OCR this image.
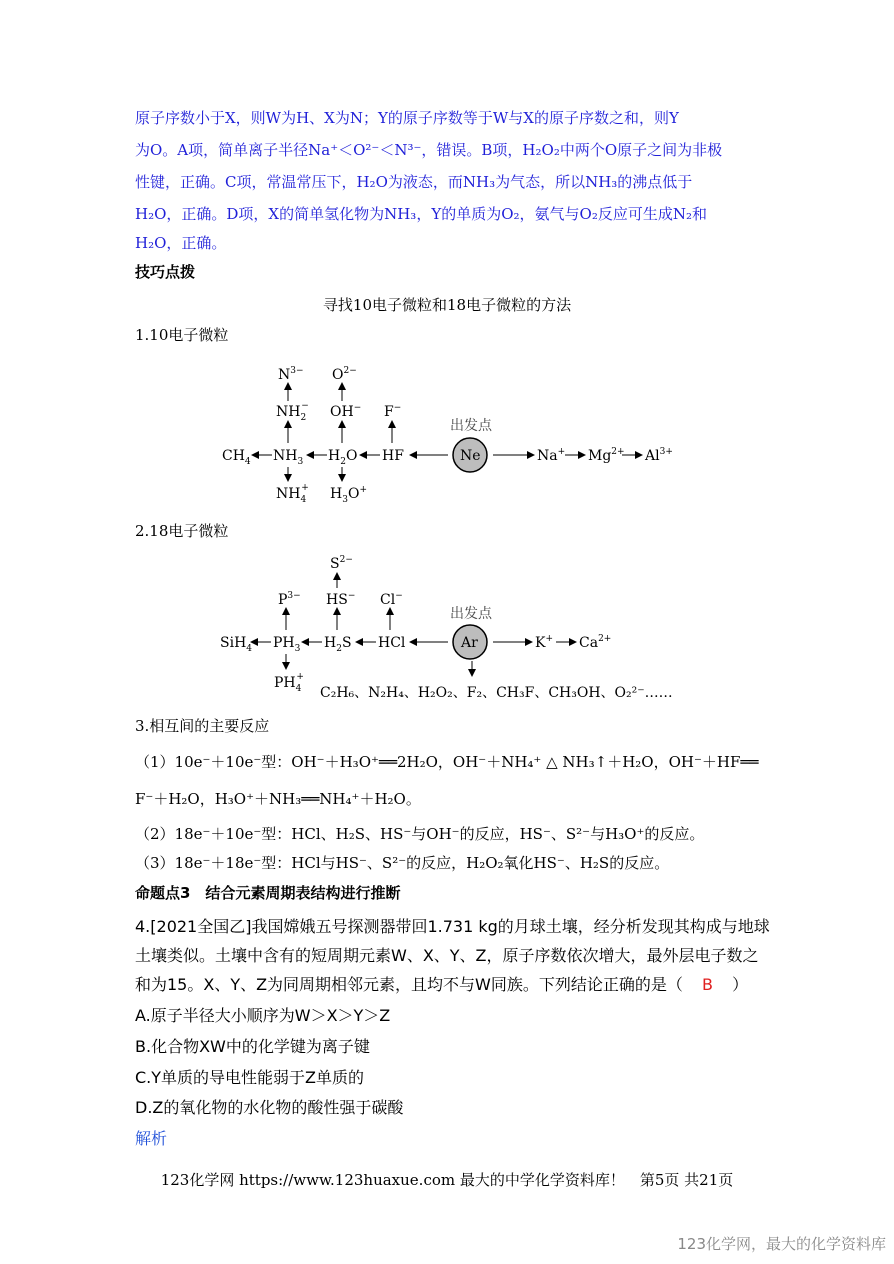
原子序数小于X，则W为H、X为N；Y的原子序数等于W与X的原子序数之和，则Y
为O。A项，简单离子半径Na⁺＜O²⁻＜N³⁻，错误。B项，H₂O₂中两个O原子之间为非极
性键，正确。C项，常温常压下，H₂O为液态，而NH₃为气态，所以NH₃的沸点低于
H₂O，正确。D项，X的简单氢化物为NH₃，Y的单质为O₂，氨气与O₂反应可生成N₂和
H₂O，正确。
技巧点拨
寻找10电子微粒和18电子微粒的方法
1.10电子微粒
出发点
Ne	Na+ $Mg^{2+}$ $Al^{3+}$
HF
$H_2O$
$NH_3$
$CH_4$
F−
OH−
$O^{2-}$
$NH_2-$
$N^{3-}$
$H_3O^+$
$NH_4+$
2.18电子微粒
出发点
Ar	K+ $Ca^{2+}$
HCl
$H_2S$
$PH_3$
SiH$_4$
Cl−
HS−
$S^{2-}$
$P^{3-}$
$PH_4+$
C₂H₆、N₂H₄、H₂O₂、F₂、CH₃F、CH₃OH、O₂²⁻……
3.相互间的主要反应
（1）10e⁻＋10e⁻型：OH⁻＋H₃O⁺══2H₂O，OH⁻＋NH₄⁺ △ NH₃↑＋H₂O，OH⁻＋HF══
F⁻＋H₂O，H₃O⁺＋NH₃══NH₄⁺＋H₂O。
（2）18e⁻＋10e⁻型：HCl、H₂S、HS⁻与OH⁻的反应，HS⁻、S²⁻与H₃O⁺的反应。
（3）18e⁻＋18e⁻型：HCl与HS⁻、S²⁻的反应，H₂O₂氧化HS⁻、H₂S的反应。
命题点3　结合元素周期表结构进行推断
4.[2021全国乙]我国嫦娥五号探测器带回1.731 kg的月球土壤，经分析发现其构成与地球
土壤类似。土壤中含有的短周期元素W、X、Y、Z，原子序数依次增大，最外层电子数之
和为15。X、Y、Z为同周期相邻元素，且均不与W同族。下列结论正确的是（ B ）
A.原子半径大小顺序为W＞X＞Y＞Z
B.化合物XW中的化学键为离子键
C.Y单质的导电性能弱于Z单质的
D.Z的氧化物的水化物的酸性强于碳酸
解析
123化学网 https://www.123huaxue.com 最大的中学化学资料库！　第5页 共21页
123化学网，最大的化学资料库
